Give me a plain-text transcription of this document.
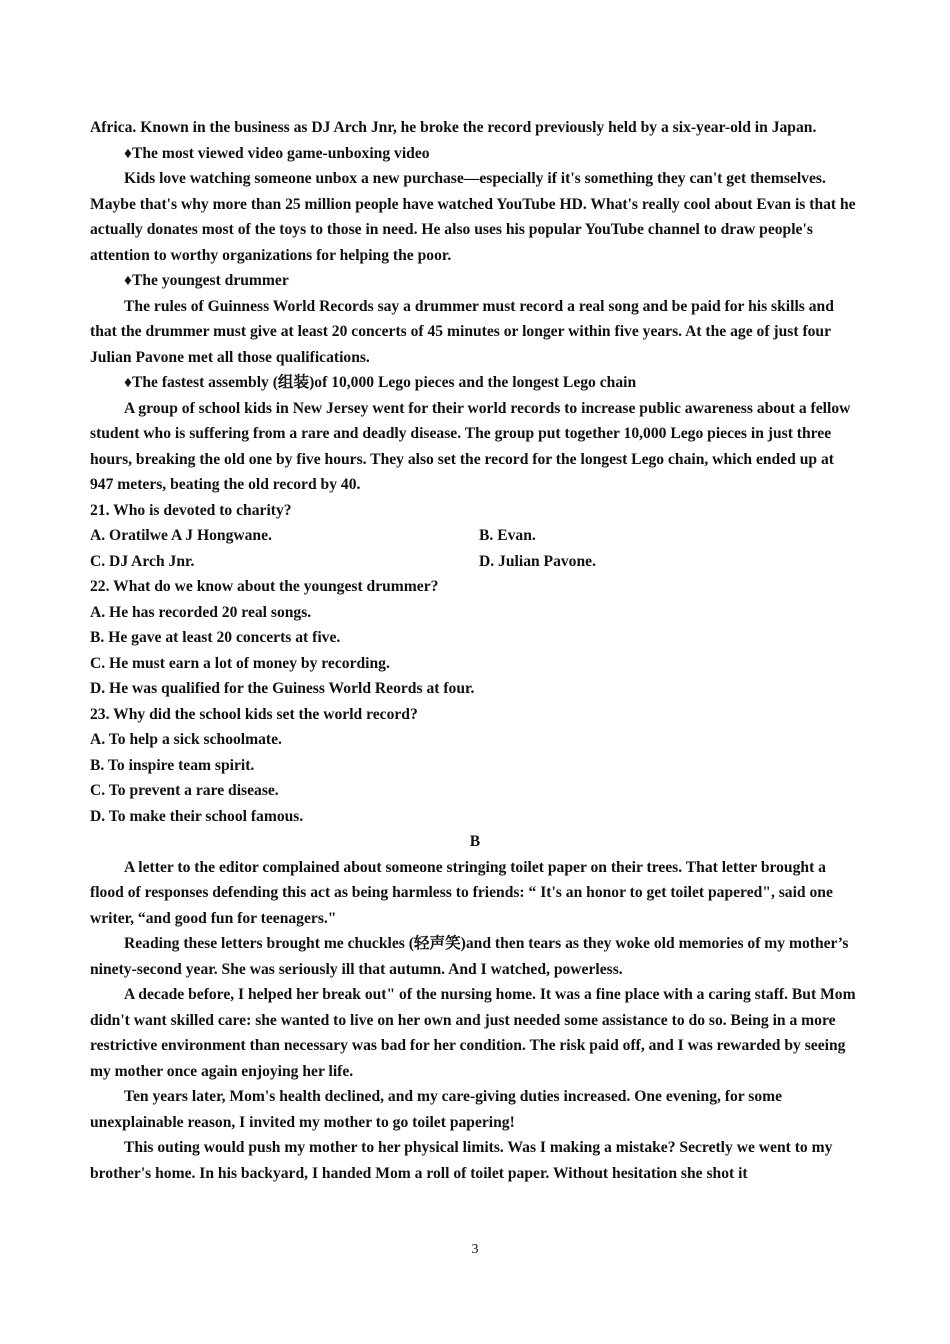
Africa. Known in the business as DJ Arch Jnr, he broke the record previously held by a six-year-old in Japan.

♦The most viewed video game-unboxing video

Kids love watching someone unbox a new purchase—especially if it's something they can't get themselves. Maybe that's why more than 25 million people have watched YouTube HD. What's really cool about Evan is that he actually donates most of the toys to those in need. He also uses his popular YouTube channel to draw people's attention to worthy organizations for helping the poor.

♦The youngest drummer

The rules of Guinness World Records say a drummer must record a real song and be paid for his skills and that the drummer must give at least 20 concerts of 45 minutes or longer within five years. At the age of just four Julian Pavone met all those qualifications.

♦The fastest assembly (组装)of 10,000 Lego pieces and the longest Lego chain

A group of school kids in New Jersey went for their world records to increase public awareness about a fellow student who is suffering from a rare and deadly disease. The group put together 10,000 Lego pieces in just three hours, breaking the old one by five hours. They also set the record for the longest Lego chain, which ended up at 947 meters, beating the old record by 40.

21. Who is devoted to charity?

A. Oratilwe A J Hongwane.	B. Evan.
C. DJ Arch Jnr.	D. Julian Pavone.

22. What do we know about the youngest drummer?

A. He has recorded 20 real songs.

B. He gave at least 20 concerts at five.

C. He must earn a lot of money by recording.

D. He was qualified for the Guiness World Reords at four.

23. Why did the school kids set the world record?

A. To help a sick schoolmate.

B. To inspire team spirit.

C. To prevent a rare disease.

D. To make their school famous.

B

A letter to the editor complained about someone stringing toilet paper on their trees. That letter brought a flood of responses defending this act as being harmless to friends: “ It's an honor to get toilet papered", said one writer, “and good fun for teenagers."

Reading these letters brought me chuckles (轻声笑)and then tears as they woke old memories of my mother’s ninety-second year. She was seriously ill that autumn. And I watched, powerless.

A decade before, I helped her break out" of the nursing home. It was a fine place with a caring staff. But Mom didn't want skilled care: she wanted to live on her own and just needed some assistance to do so. Being in a more restrictive environment than necessary was bad for her condition. The risk paid off, and I was rewarded by seeing my mother once again enjoying her life.

Ten years later, Mom's health declined, and my care-giving duties increased. One evening, for some unexplainable reason, I invited my mother to go toilet papering!

This outing would push my mother to her physical limits. Was I making a mistake? Secretly we went to my brother's home. In his backyard, I handed Mom a roll of toilet paper. Without hesitation she shot it

3
